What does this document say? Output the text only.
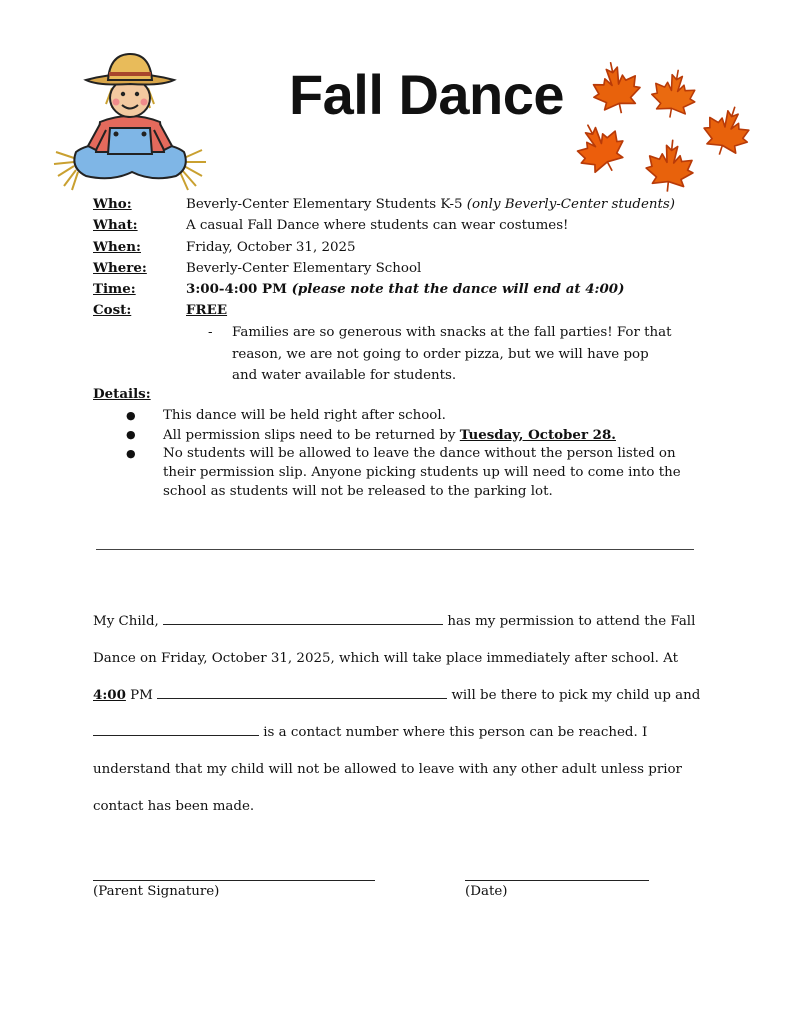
Fall Dance
Who:	Beverly-Center Elementary Students K-5 (only Beverly-Center students)
What:	A casual Fall Dance where students can wear costumes!
When:	Friday, October 31, 2025
Where:	Beverly-Center Elementary School
Time:	3:00-4:00 PM (please note that the dance will end at 4:00)
Cost:	FREE
- Families are so generous with snacks at the fall parties! For that reason, we are not going to order pizza, but we will have pop and water available for students.
Details:
● This dance will be held right after school.
● All permission slips need to be returned by Tuesday, October 28.
● No students will be allowed to leave the dance without the person listed on their permission slip. Anyone picking students up will need to come into the school as students will not be released to the parking lot.
My Child,	has my permission to attend the Fall Dance on Friday, October 31, 2025, which will take place immediately after school. At 4:00 PM	will be there to pick my child up and  is a contact number where this person can be reached. I understand that my child will not be allowed to leave with any other adult unless prior contact has been made.
(Parent Signature)	(Date)
